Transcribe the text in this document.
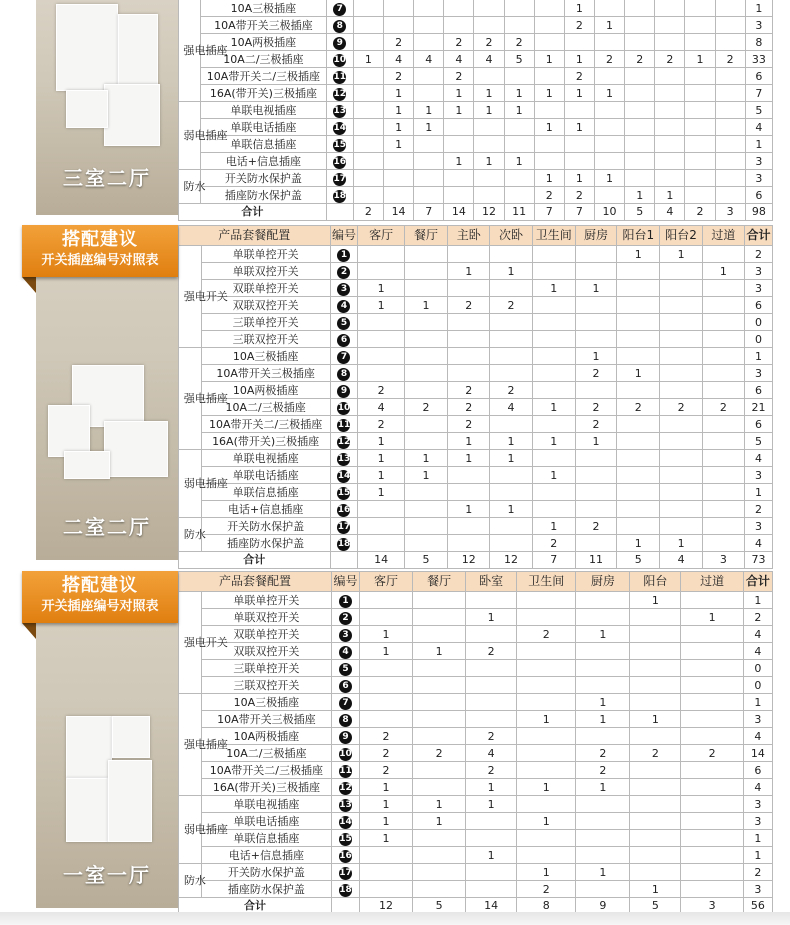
三室二厅
强电插座	10A三极插座	7								1						1
	10A带开关三极插座	8								2	1					3
	10A两极插座	9		2		2	2	2								8
	10A二/三极插座	10	1	4	4	4	4	5	1	1	2	2	2	1	2	33
	10A带开关二/三极插座	11		2		2				2						6
	16A(带开关)三极插座	12		1		1	1	1	1	1	1					7

弱电插座	单联电视插座	13		1	1	1	1	1								5
	单联电话插座	14		1	1				1	1						4
	单联信息插座	15		1												1
	电话+信息插座	16				1	1	1								3

防水	开关防水保护盖	17							1	1	1					3
	插座防水保护盖	18							2	2		1	1			6
合计			2	14	7	14	12	11	7	7	10	5	4	2	3	98
二室二厅
搭配建议
开关插座编号对照表
产品套餐配置		编号	客厅	餐厅	主卧	次卧	卫生间	厨房	阳台1	阳台2	过道	合计

强电开关	单联单控开关	1							1	1		2
	单联双控开关	2			1	1					1	3
	双联单控开关	3	1				1	1				3
	双联双控开关	4	1	1	2	2						6
	三联单控开关	5										0
	三联双控开关	6										0

强电插座	10A三极插座	7						1				1
	10A带开关三极插座	8						2	1			3
	10A两极插座	9	2		2	2						6
	10A二/三极插座	10	4	2	2	4	1	2	2	2	2	21
	10A带开关二/三极插座	11	2		2			2				6
	16A(带开关)三极插座	12	1		1	1	1	1				5

弱电插座	单联电视插座	13	1	1	1	1						4
	单联电话插座	14	1	1			1					3
	单联信息插座	15	1									1
	电话+信息插座	16			1	1						2

防水	开关防水保护盖	17					1	2				3
	插座防水保护盖	18					2		1	1		4
合计			14	5	12	12	7	11	5	4	3	73
一室一厅
搭配建议
开关插座编号对照表
产品套餐配置		编号	客厅	餐厅	卧室	卫生间	厨房	阳台	过道	合计

强电开关	单联单控开关	1						1		1
	单联双控开关	2			1				1	2
	双联单控开关	3	1			2	1			4
	双联双控开关	4	1	1	2					4
	三联单控开关	5								0
	三联双控开关	6								0

强电插座	10A三极插座	7					1			1
	10A带开关三极插座	8				1	1	1		3
	10A两极插座	9	2		2					4
	10A二/三极插座	10	2	2	4		2	2	2	14
	10A带开关二/三极插座	11	2		2		2			6
	16A(带开关)三极插座	12	1		1	1	1			4

弱电插座	单联电视插座	13	1	1	1					3
	单联电话插座	14	1	1		1				3
	单联信息插座	15	1							1
	电话+信息插座	16			1					1

防水	开关防水保护盖	17				1	1			2
	插座防水保护盖	18				2		1		3
合计			12	5	14	8	9	5	3	56
